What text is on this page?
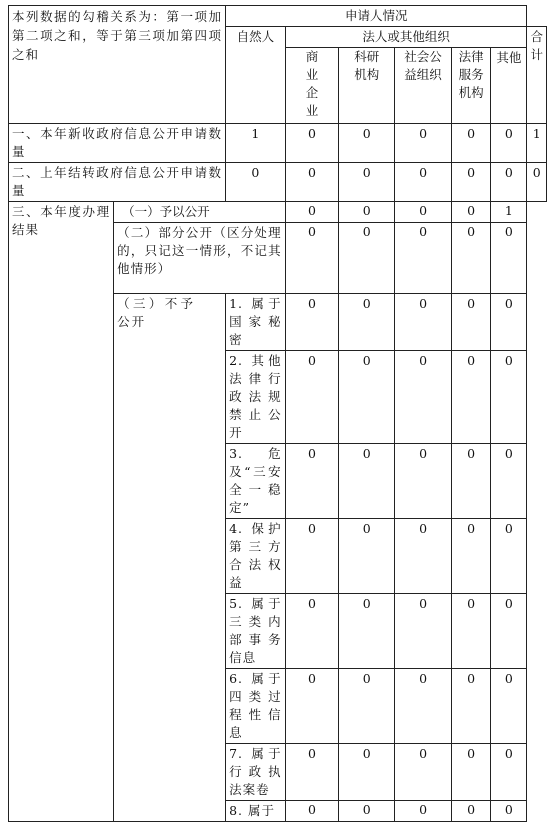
本列数据的勾稽关系为：第一项加第二项之和，等于第三项加第四项之和		申请人情况						
		自然人	法人或其他组织					合计
			商业企业	科研机构	社会公益组织	法律服务机构	其他	

一、本年新收政府信息公开申请数量		1	0	0	0	0	0	1
二、上年结转政府信息公开申请数量		0	0	0	0	0	0	0
三、本年度办理结果	（一）予以公开		0	0	0	0	1	
	（二）部分公开（区分处理的，只记这一情形，不记其他情形）		0	0	0	0	0	
	（三）不予公开	1. 属于国家秘密	0	0	0	0	0	
		2. 其他法律行政法规禁止公开	0	0	0	0	0	
		3. 危及“三安全一稳定”	0	0	0	0	0	
		4. 保护第三方合法权益	0	0	0	0	0	
		5. 属于三类内部事务信息	0	0	0	0	0	
		6. 属于四类过程性信息	0	0	0	0	0	
		7. 属于行政执法案卷	0	0	0	0	0	
		8. 属于	0	0	0	0	0	
